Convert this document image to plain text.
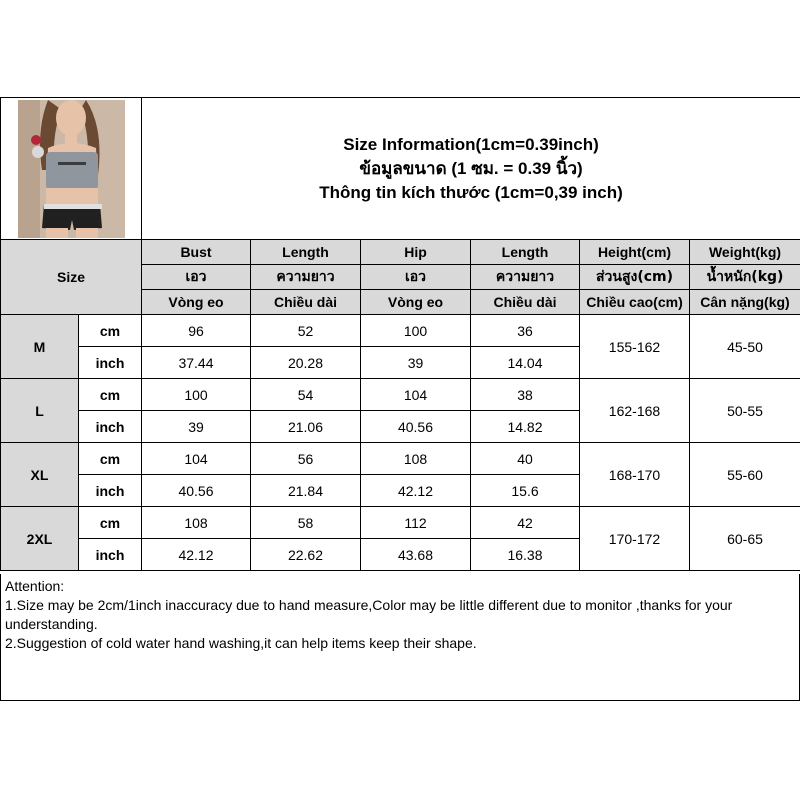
Size Information(1cm=0.39inch)
ข้อมูลขนาด (1 ซม. = 0.39 นิ้ว)
Thông tin kích thước (1cm=0,39 inch)					

Size		Bust	Length	Hip	Length	Height(cm)	Weight(kg)
		เอว	ความยาว	เอว	ความยาว	ส่วนสูง(cm)	น้ำหนัก(kg)
		Vòng eo	Chiều dài	Vòng eo	Chiều dài	Chiều cao(cm)	Cân nặng(kg)
M	cm	96	52	100	36	155-162	45-50
	inch	37.44	20.28	39	14.04		
L	cm	100	54	104	38	162-168	50-55
	inch	39	21.06	40.56	14.82		
XL	cm	104	56	108	40	168-170	55-60
	inch	40.56	21.84	42.12	15.6		
2XL	cm	108	58	112	42	170-172	60-65
	inch	42.12	22.62	43.68	16.38		

Attention:

1.Size may be 2cm/1inch inaccuracy due to hand measure,Color may be little different due to monitor ,thanks for your understanding.

2.Suggestion of cold water hand washing,it can help items keep their shape.
